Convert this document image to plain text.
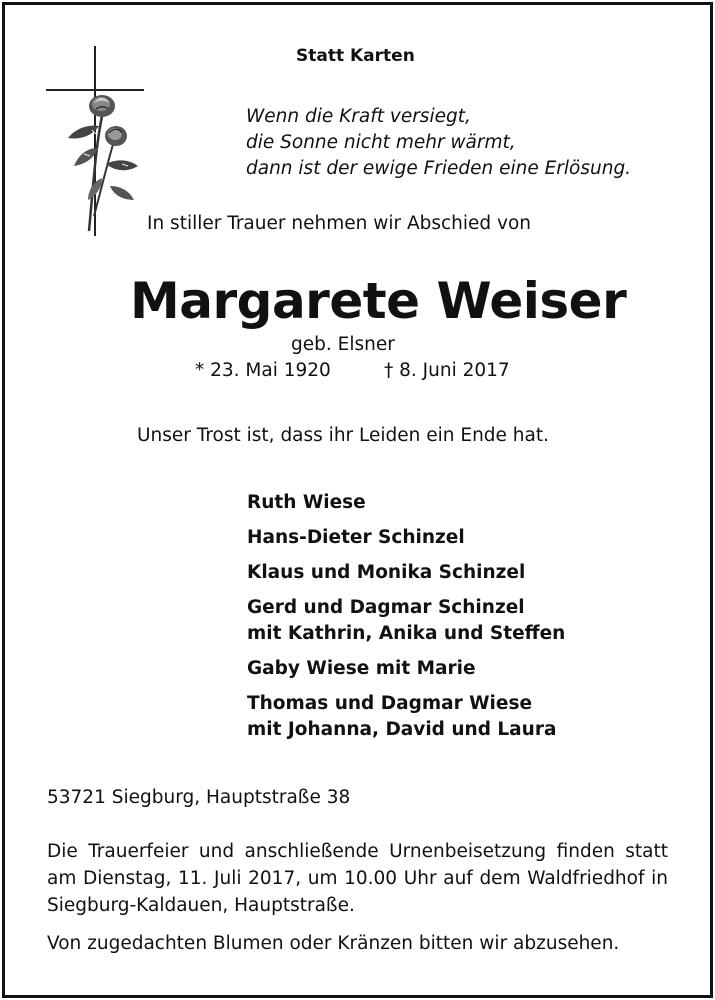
Statt Karten
Wenn die Kraft versiegt,
die Sonne nicht mehr wärmt,
dann ist der ewige Frieden eine Erlösung.
In stiller Trauer nehmen wir Abschied von
Margarete Weiser
geb. Elsner
* 23. Mai 1920	† 8. Juni 2017
Unser Trost ist, dass ihr Leiden ein Ende hat.
Ruth Wiese
Hans-Dieter Schinzel
Klaus und Monika Schinzel
Gerd und Dagmar Schinzel
mit Kathrin, Anika und Steffen
Gaby Wiese mit Marie
Thomas und Dagmar Wiese
mit Johanna, David und Laura
53721 Siegburg, Hauptstraße 38
Die Trauerfeier und anschließende Urnenbeisetzung finden statt am Dienstag, 11. Juli 2017, um 10.00 Uhr auf dem Waldfriedhof in Siegburg-Kaldauen, Hauptstraße.
Von zugedachten Blumen oder Kränzen bitten wir abzusehen.
